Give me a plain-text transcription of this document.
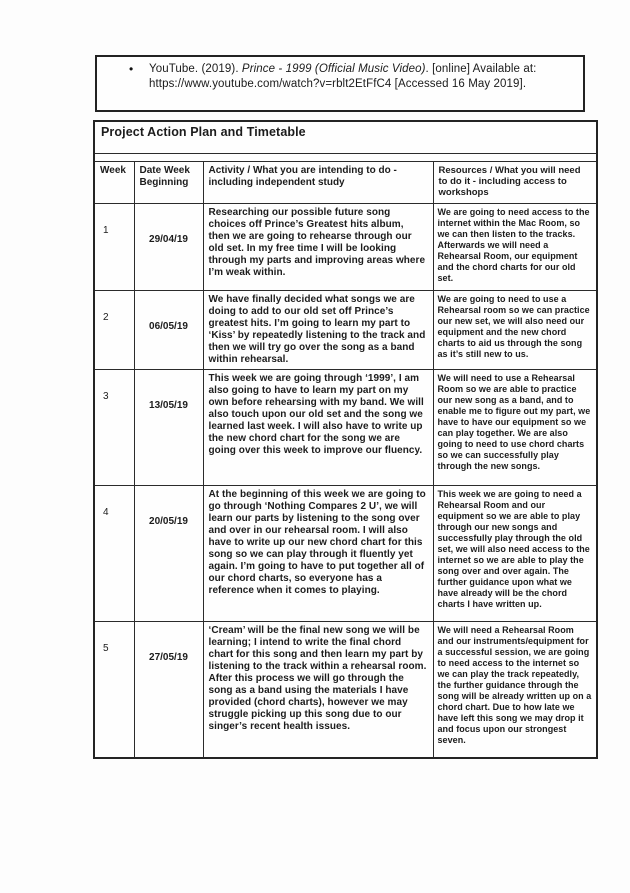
•	YouTube. (2019). Prince - 1999 (Official Music Video). [online] Available at: https://www.youtube.com/watch?v=rblt2EtFfC4 [Accessed 16 May 2019].

Project Action Plan and Timetable			

Week	Date Week Beginning	Activity / What you are intending to do - including independent study	Resources / What you will need to do it - including access to workshops
1	29/04/19	Researching our possible future song choices off Prince’s Greatest hits album, then we are going to rehearse through our old set. In my free time I will be looking through my parts and improving areas where I’m weak within.	We are going to need access to the internet within the Mac Room, so we can then listen to the tracks. Afterwards we will need a Rehearsal Room, our equipment and the chord charts for our old set.
2	06/05/19	We have finally decided what songs we are doing to add to our old set off Prince’s greatest hits. I’m going to learn my part to ‘Kiss’ by repeatedly listening to the track and then we will try go over the song as a band within rehearsal.	We are going to need to use a Rehearsal room so we can practice our new set, we will also need our equipment and the new chord charts to aid us through the song as it’s still new to us.
3	13/05/19	This week we are going through ‘1999’, I am also going to have to learn my part on my own before rehearsing with my band. We will also touch upon our old set and the song we learned last week. I will also have to write up the new chord chart for the song we are going over this week to improve our fluency.	We will need to use a Rehearsal Room so we are able to practice our new song as a band, and to enable me to figure out my part, we have to have our equipment so we can play together. We are also going to need to use chord charts so we can successfully play through the new songs.
4	20/05/19	At the beginning of this week we are going to go through ‘Nothing Compares 2 U’, we will learn our parts by listening to the song over and over in our rehearsal room. I will also have to write up our new chord chart for this song so we can play through it fluently yet again. I’m going to have to put together all of our chord charts, so everyone has a reference when it comes to playing.	This week we are going to need a Rehearsal Room and our equipment so we are able to play through our new songs and successfully play through the old set, we will also need access to the internet so we are able to play the song over and over again. The further guidance upon what we have already will be the chord charts I have written up.
5	27/05/19	‘Cream’ will be the final new song we will be learning; I intend to write the final chord chart for this song and then learn my part by listening to the track within a rehearsal room. After this process we will go through the song as a band using the materials I have provided (chord charts), however we may struggle picking up this song due to our singer’s recent health issues.	We will need a Rehearsal Room and our instruments/equipment for a successful session, we are going to need access to the internet so we can play the track repeatedly, the further guidance through the song will be already written up on a chord chart. Due to how late we have left this song we may drop it and focus upon our strongest seven.
